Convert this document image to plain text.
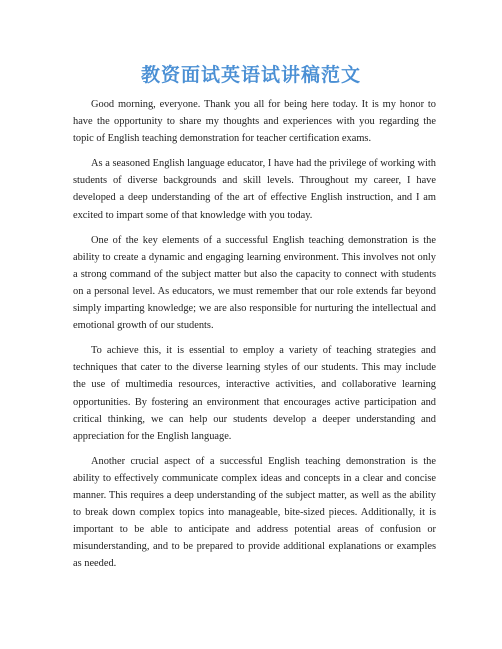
教资面试英语试讲稿范文

Good morning, everyone. Thank you all for being here today. It is my honor to have the opportunity to share my thoughts and experiences with you regarding the topic of English teaching demonstration for teacher certification exams.

As a seasoned English language educator, I have had the privilege of working with students of diverse backgrounds and skill levels. Throughout my career, I have developed a deep understanding of the art of effective English instruction, and I am excited to impart some of that knowledge with you today.

One of the key elements of a successful English teaching demonstration is the ability to create a dynamic and engaging learning environment. This involves not only a strong command of the subject matter but also the capacity to connect with students on a personal level. As educators, we must remember that our role extends far beyond simply imparting knowledge; we are also responsible for nurturing the intellectual and emotional growth of our students.

To achieve this, it is essential to employ a variety of teaching strategies and techniques that cater to the diverse learning styles of our students. This may include the use of multimedia resources, interactive activities, and collaborative learning opportunities. By fostering an environment that encourages active participation and critical thinking, we can help our students develop a deeper understanding and appreciation for the English language.

Another crucial aspect of a successful English teaching demonstration is the ability to effectively communicate complex ideas and concepts in a clear and concise manner. This requires a deep understanding of the subject matter, as well as the ability to break down complex topics into manageable, bite-sized pieces. Additionally, it is important to be able to anticipate and address potential areas of confusion or misunderstanding, and to be prepared to provide additional explanations or examples as needed.
